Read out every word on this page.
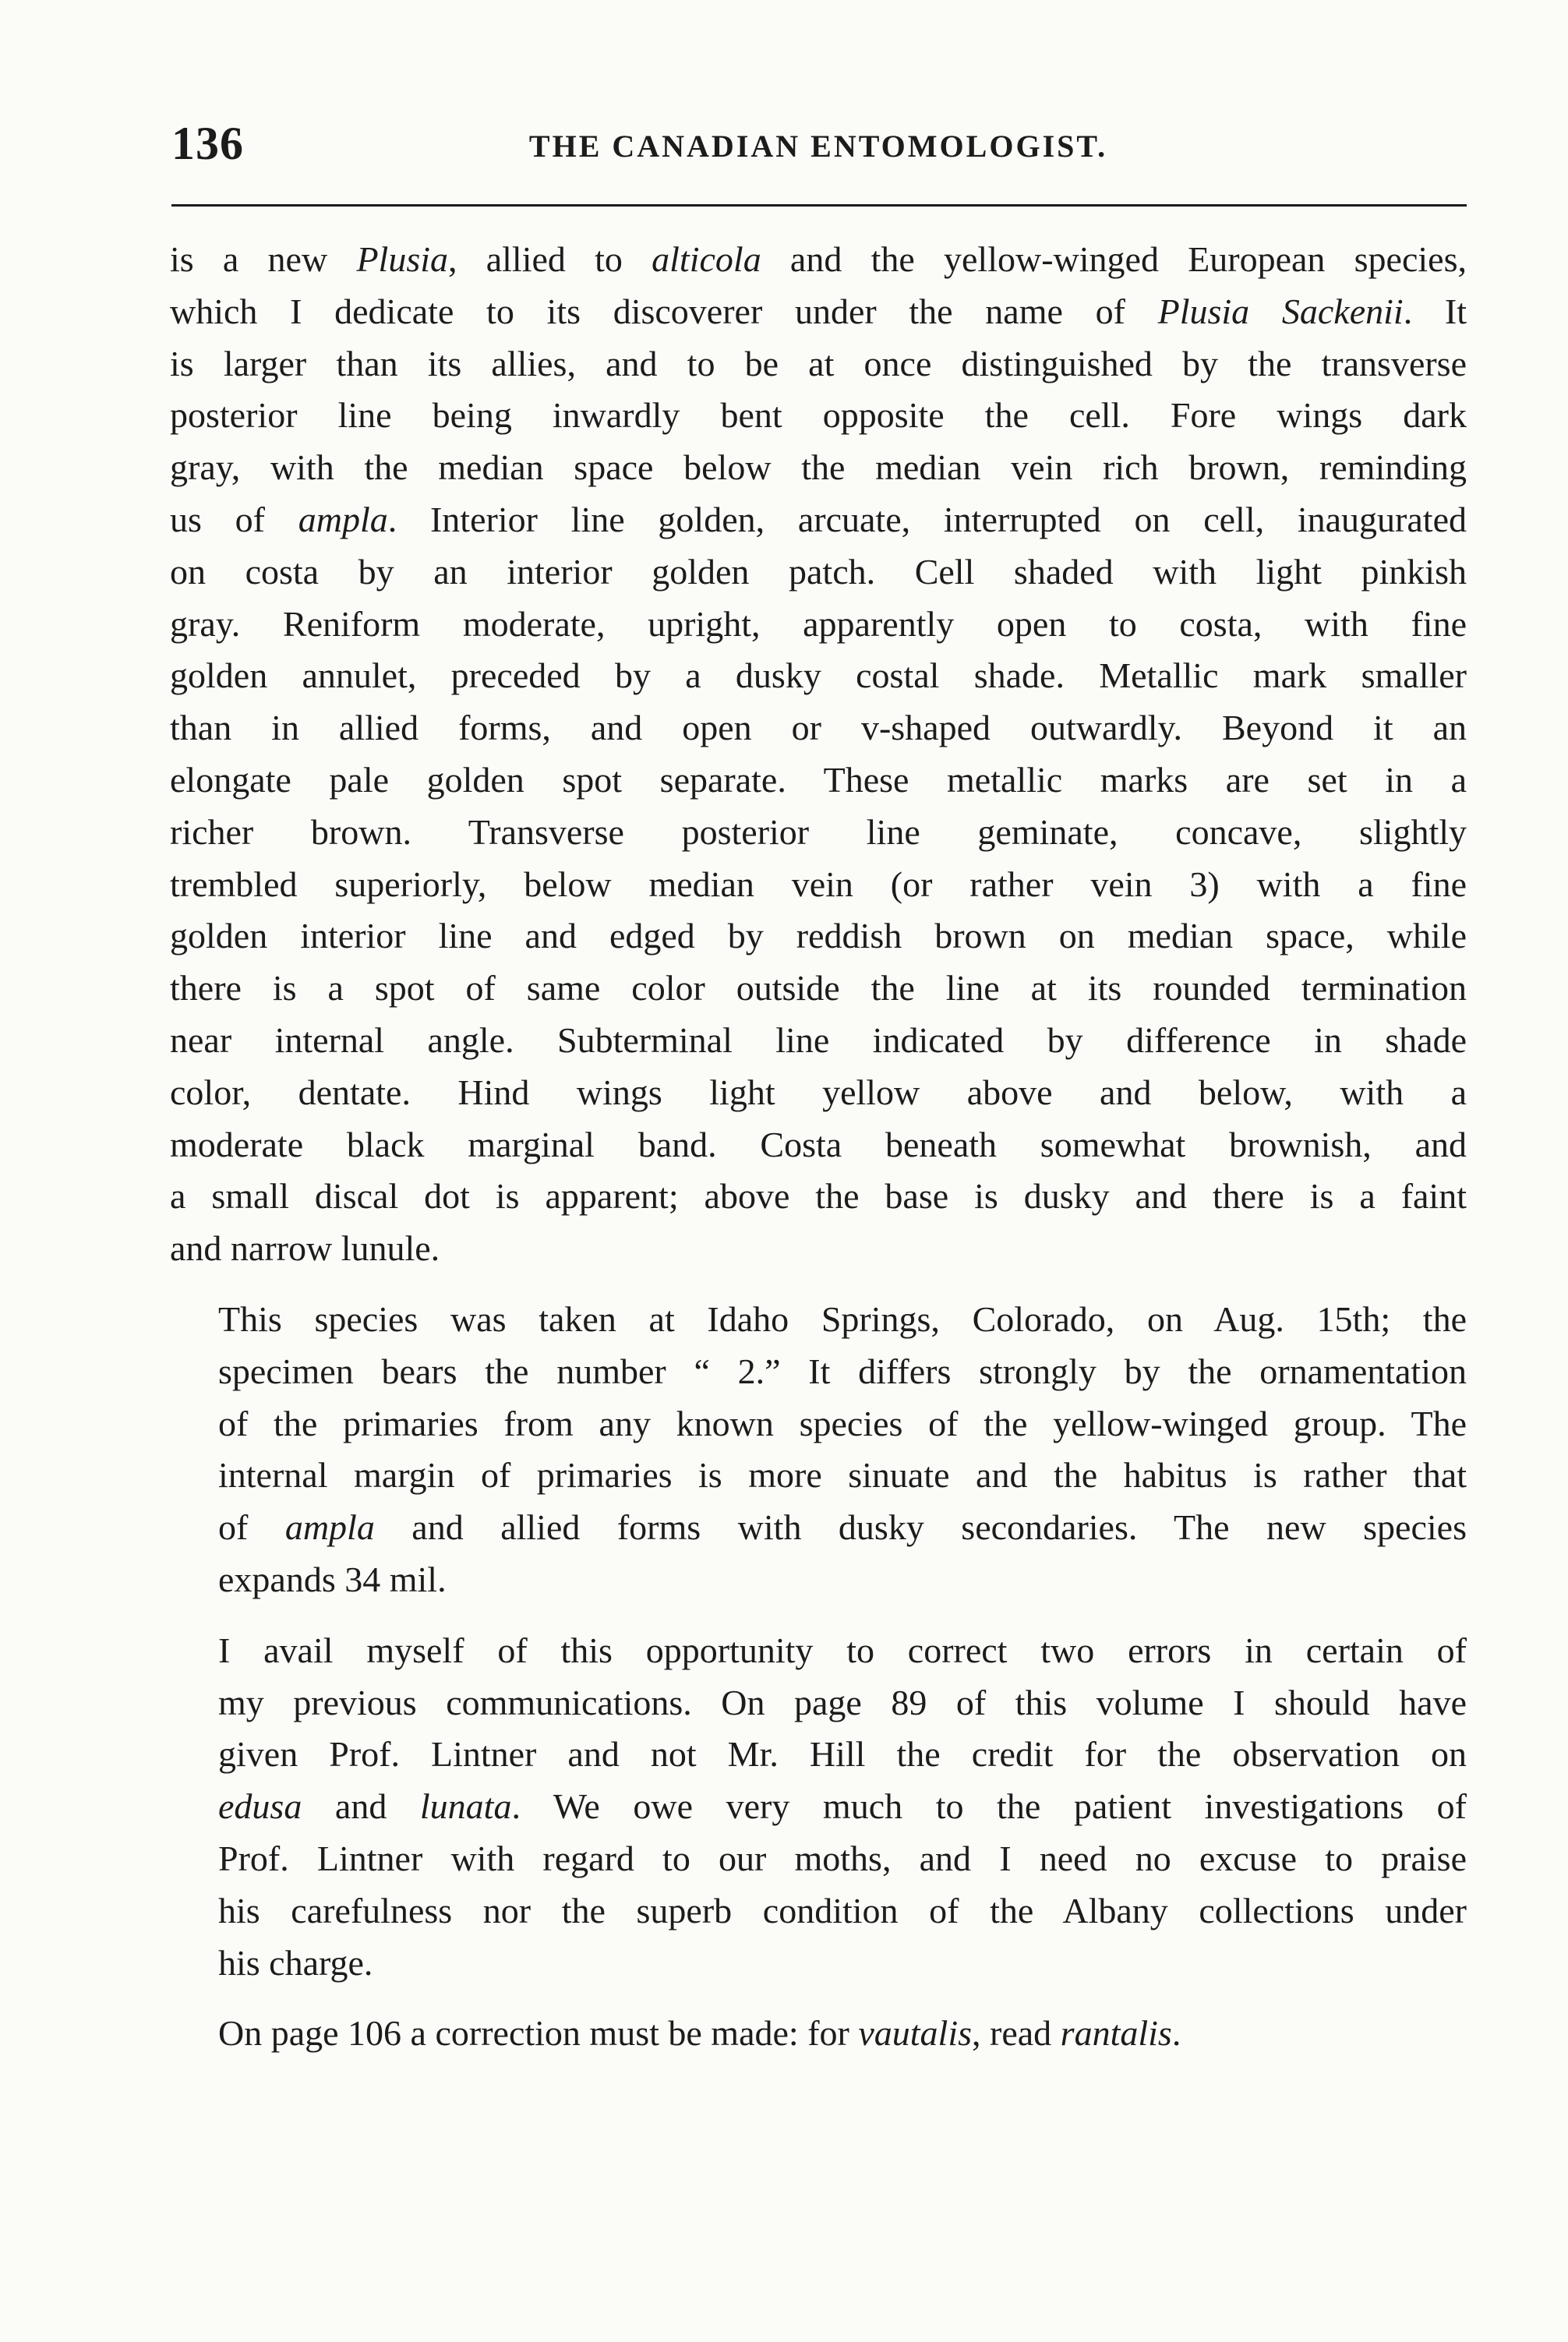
136	THE CANADIAN ENTOMOLOGIST.

is a new Plusia, allied to alticola and the yellow-winged European species,
which I dedicate to its discoverer under the name of Plusia Sackenii. It
is larger than its allies, and to be at once distinguished by the transverse
posterior line being inwardly bent opposite the cell. Fore wings dark
gray, with the median space below the median vein rich brown, reminding
us of ampla. Interior line golden, arcuate, interrupted on cell, inaugurated
on costa by an interior golden patch. Cell shaded with light pinkish
gray. Reniform moderate, upright, apparently open to costa, with fine
golden annulet, preceded by a dusky costal shade. Metallic mark smaller
than in allied forms, and open or v-shaped outwardly. Beyond it an
elongate pale golden spot separate. These metallic marks are set in a
richer brown. Transverse posterior line geminate, concave, slightly
trembled superiorly, below median vein (or rather vein 3) with a fine
golden interior line and edged by reddish brown on median space, while
there is a spot of same color outside the line at its rounded termination
near internal angle. Subterminal line indicated by difference in shade
color, dentate. Hind wings light yellow above and below, with a
moderate black marginal band. Costa beneath somewhat brownish, and
a small discal dot is apparent; above the base is dusky and there is a faint
and narrow lunule.

This species was taken at Idaho Springs, Colorado, on Aug. 15th; the
specimen bears the number “ 2.” It differs strongly by the ornamentation
of the primaries from any known species of the yellow-winged group. The
internal margin of primaries is more sinuate and the habitus is rather that
of ampla and allied forms with dusky secondaries. The new species
expands 34 mil.

I avail myself of this opportunity to correct two errors in certain of
my previous communications. On page 89 of this volume I should have
given Prof. Lintner and not Mr. Hill the credit for the observation on
edusa and lunata. We owe very much to the patient investigations of
Prof. Lintner with regard to our moths, and I need no excuse to praise
his carefulness nor the superb condition of the Albany collections under
his charge.

On page 106 a correction must be made: for vautalis, read rantalis.
